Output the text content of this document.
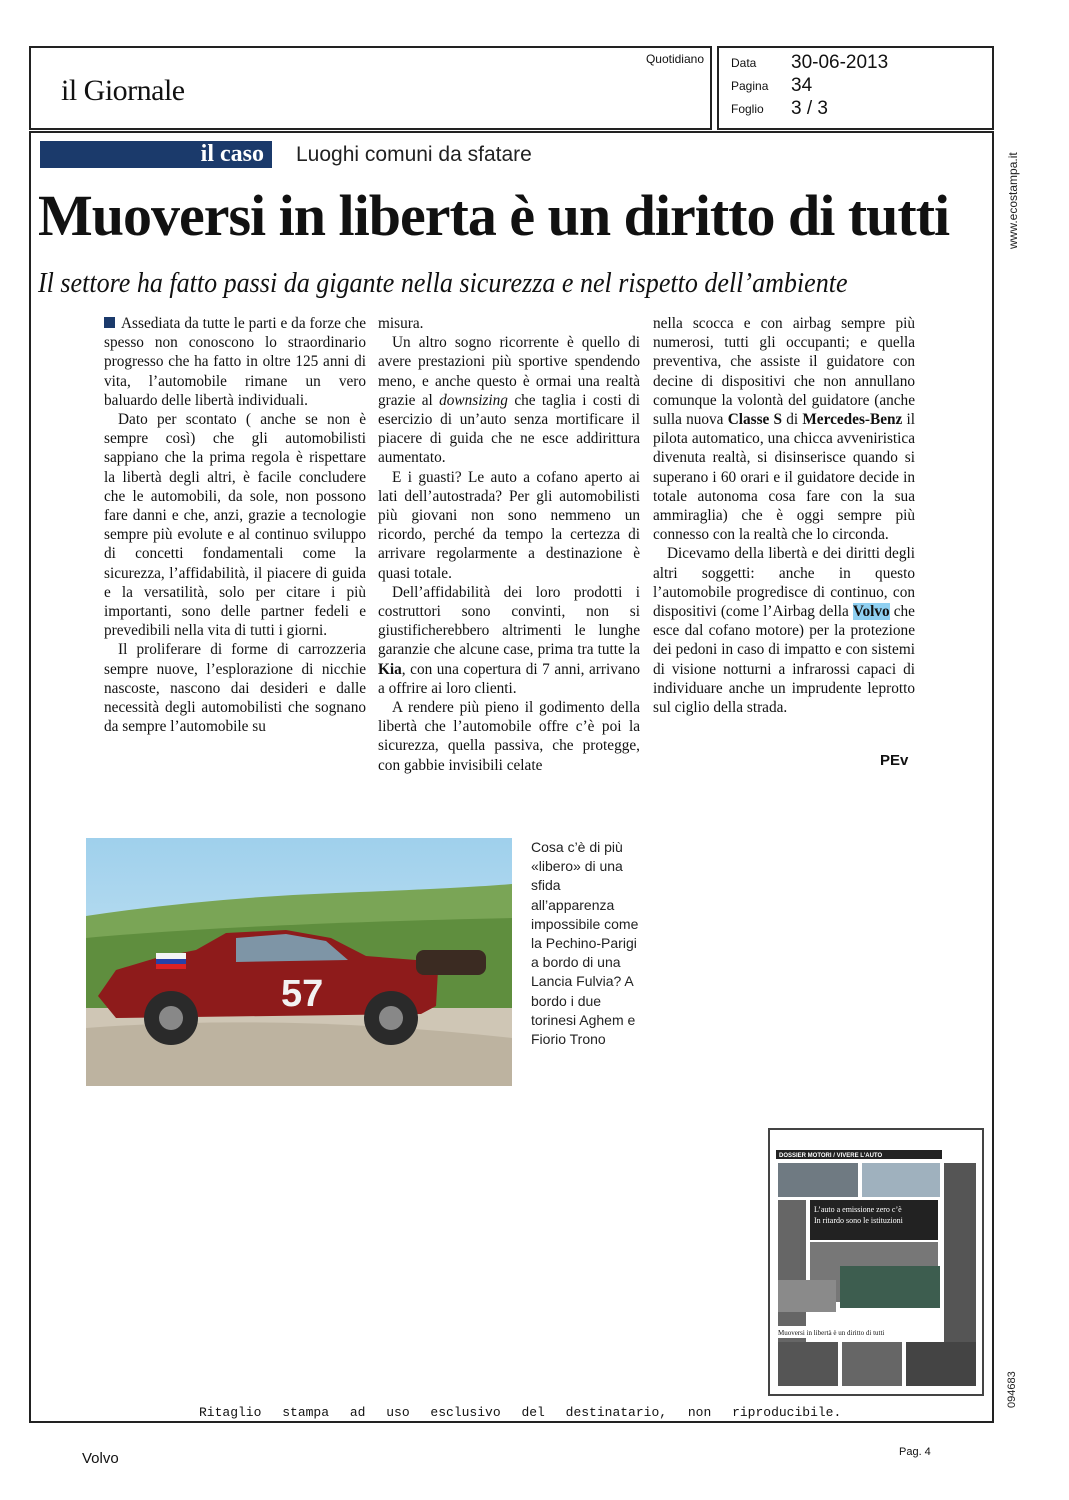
il Giornale
Quotidiano Data 30-06-2013
Pagina 34
Foglio 3 / 3
il caso Luoghi comuni da sfatare
Muoversi in liberta è un diritto di tutti
Il settore ha fatto passi da gigante nella sicurezza e nel rispetto dell’ambiente

Assediata da tutte le parti e da forze che spesso non conoscono lo straordinario progresso che ha fatto in oltre 125 anni di vita, l’automobile rimane un vero baluardo delle libertà individuali.

Dato per scontato ( anche se non è sempre così) che gli automobilisti sappiano che la prima regola è rispettare la libertà degli altri, è facile concludere che le automobili, da sole, non possono fare danni e che, anzi, grazie a tecnologie sempre più evolute e al continuo sviluppo di concetti fondamentali come la sicurezza, l’affidabilità, il piacere di guida e la versatilità, solo per citare i più importanti, sono delle partner fedeli e prevedibili nella vita di tutti i giorni.

Il proliferare di forme di carrozzeria sempre nuove, l’esplorazione di nicchie nascoste, nascono dai desideri e dalle necessità degli automobilisti che sognano da sempre l’automobile su

misura.

Un altro sogno ricorrente è quello di avere prestazioni più sportive spendendo meno, e anche questo è ormai una realtà grazie al downsizing che taglia i costi di esercizio di un’auto senza mortificare il piacere di guida che ne esce addirittura aumentato.

E i guasti? Le auto a cofano aperto ai lati dell’autostrada? Per gli automobilisti più giovani non sono nemmeno un ricordo, perché da tempo la certezza di arrivare regolarmente a destinazione è quasi totale.

Dell’affidabilità dei loro prodotti i costruttori sono convinti, non si giustificherebbero altrimenti le lunghe garanzie che alcune case, prima tra tutte la Kia, con una copertura di 7 anni, arrivano a offrire ai loro clienti.

A rendere più pieno il godimento della libertà che l’automobile offre c’è poi la sicurezza, quella passiva, che protegge, con gabbie invisibili celate

nella scocca e con airbag sempre più numerosi, tutti gli occupanti; e quella preventiva, che assiste il guidatore con decine di dispositivi che non annullano comunque la volontà del guidatore (anche sulla nuova Classe S di Mercedes-Benz il pilota automatico, una chicca avveniristica divenuta realtà, si disinserisce quando si superano i 60 orari e il guidatore decide in totale autonoma cosa fare con la sua ammiraglia) che è oggi sempre più connesso con la realtà che lo circonda.

Dicevamo della libertà e dei diritti degli altri soggetti: anche in questo l’automobile progredisce di continuo, con dispositivi (come l’Airbag della Volvo che esce dal cofano motore) per la protezione dei pedoni in caso di impatto e con sistemi di visione notturni a infrarossi capaci di individuare anche un imprudente leprotto sul ciglio della strada.

PEv
57
Cosa c’è di più «libero» di una sfida all’apparenza impossibile come la Pechino-Parigi a bordo di una Lancia Fulvia? A bordo i due torinesi Aghem e Fiorio Trono
DOSSIER MOTORI / VIVERE L’AUTO
L’auto a emissione zero c’è
In ritardo sono le istituzioni
Muoversi in libertà è un diritto di tutti
www.ecostampa.it
094683
Ritaglio stampa ad uso esclusivo del destinatario, non riproducibile.
Volvo	Pag. 4
